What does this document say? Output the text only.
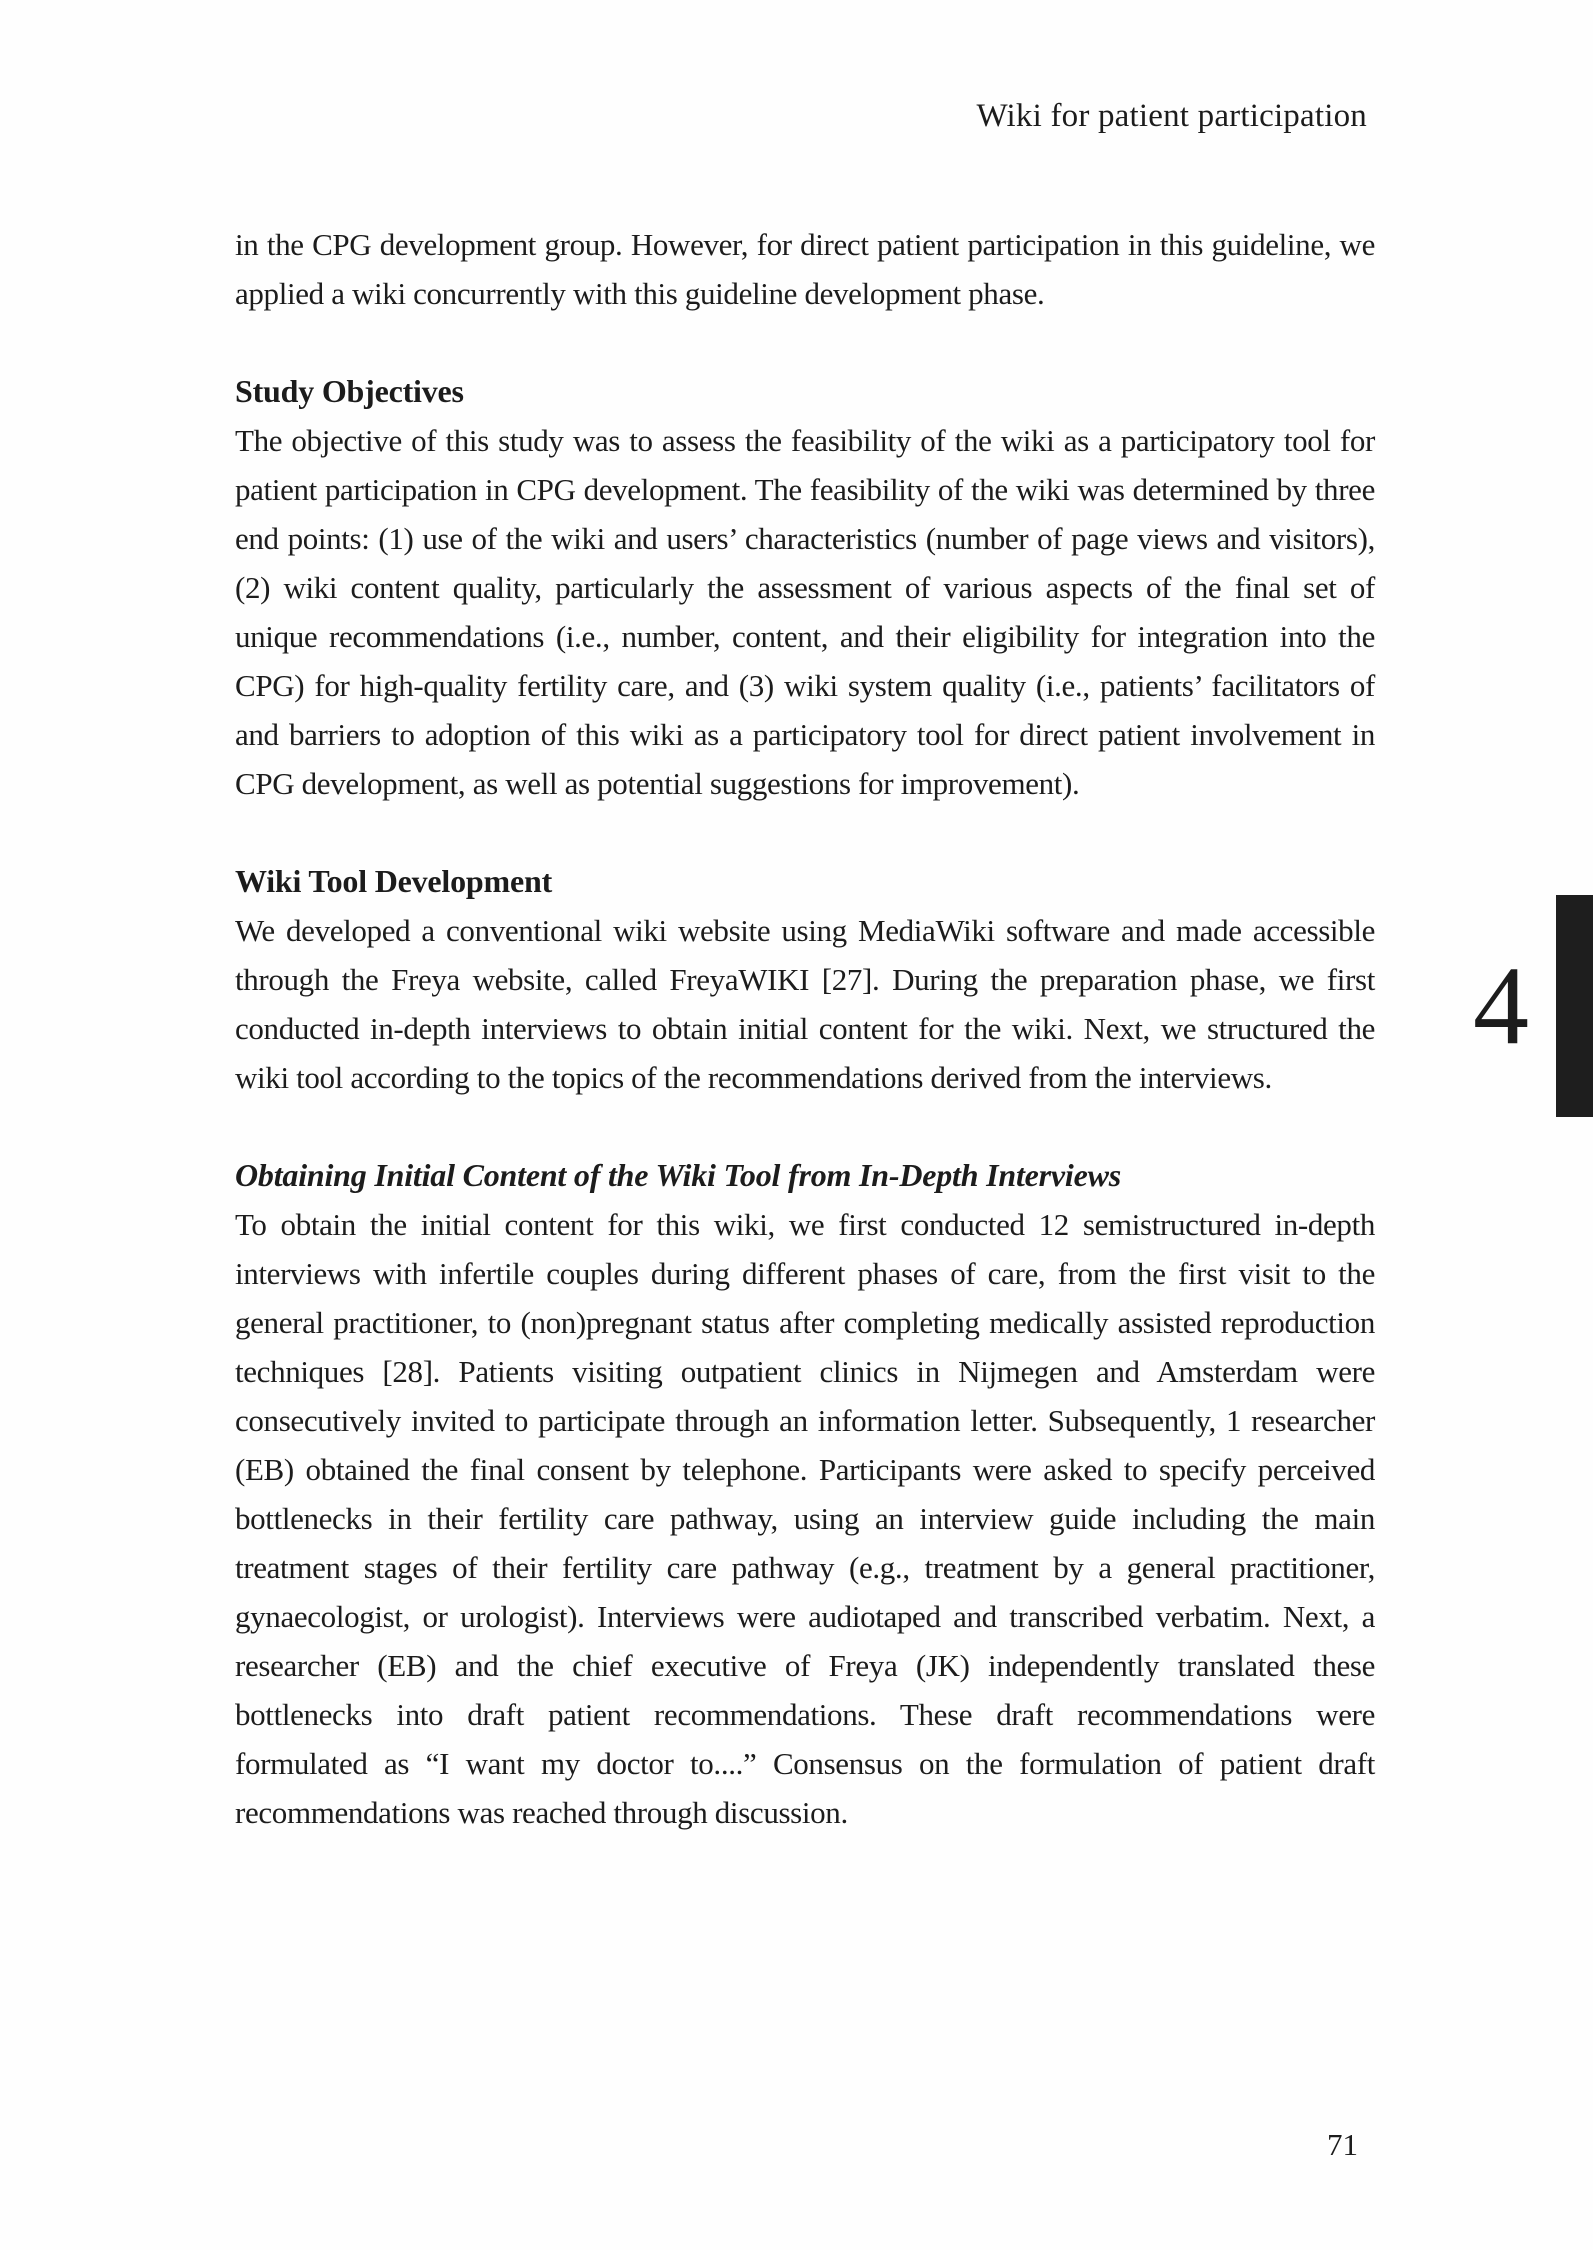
Wiki for patient participation

in the CPG development group. However, for direct patient participation in this guideline, we applied a wiki concurrently with this guideline development phase.

Study Objectives

The objective of this study was to assess the feasibility of the wiki as a participatory tool for patient participation in CPG development. The feasibility of the wiki was determined by three end points: (1) use of the wiki and users’ characteristics (number of page views and visitors), (2) wiki content quality, particularly the assessment of various aspects of the final set of unique recommendations (i.e., number, content, and their eligibility for integration into the CPG) for high-quality fertility care, and (3) wiki system quality (i.e., patients’ facilitators of and barriers to adoption of this wiki as a participatory tool for direct patient involvement in CPG development, as well as potential suggestions for improvement).

Wiki Tool Development

We developed a conventional wiki website using MediaWiki software and made accessible through the Freya website, called FreyaWIKI [27]. During the preparation phase, we first conducted in-depth interviews to obtain initial content for the wiki. Next, we structured the wiki tool according to the topics of the recommendations derived from the interviews.

Obtaining Initial Content of the Wiki Tool from In-Depth Interviews

To obtain the initial content for this wiki, we first conducted 12 semistructured in-depth interviews with infertile couples during different phases of care, from the first visit to the general practitioner, to (non)pregnant status after completing medically assisted reproduction techniques [28]. Patients visiting outpatient clinics in Nijmegen and Amsterdam were consecutively invited to participate through an information letter. Subsequently, 1 researcher (EB) obtained the final consent by telephone. Participants were asked to specify perceived bottlenecks in their fertility care pathway, using an interview guide including the main treatment stages of their fertility care pathway (e.g., treatment by a general practitioner, gynaecologist, or urologist). Interviews were audiotaped and transcribed verbatim. Next, a researcher (EB) and the chief executive of Freya (JK) independently translated these bottlenecks into draft patient recommendations. These draft recommendations were formulated as “I want my doctor to....” Consensus on the formulation of patient draft recommendations was reached through discussion.

4
71
